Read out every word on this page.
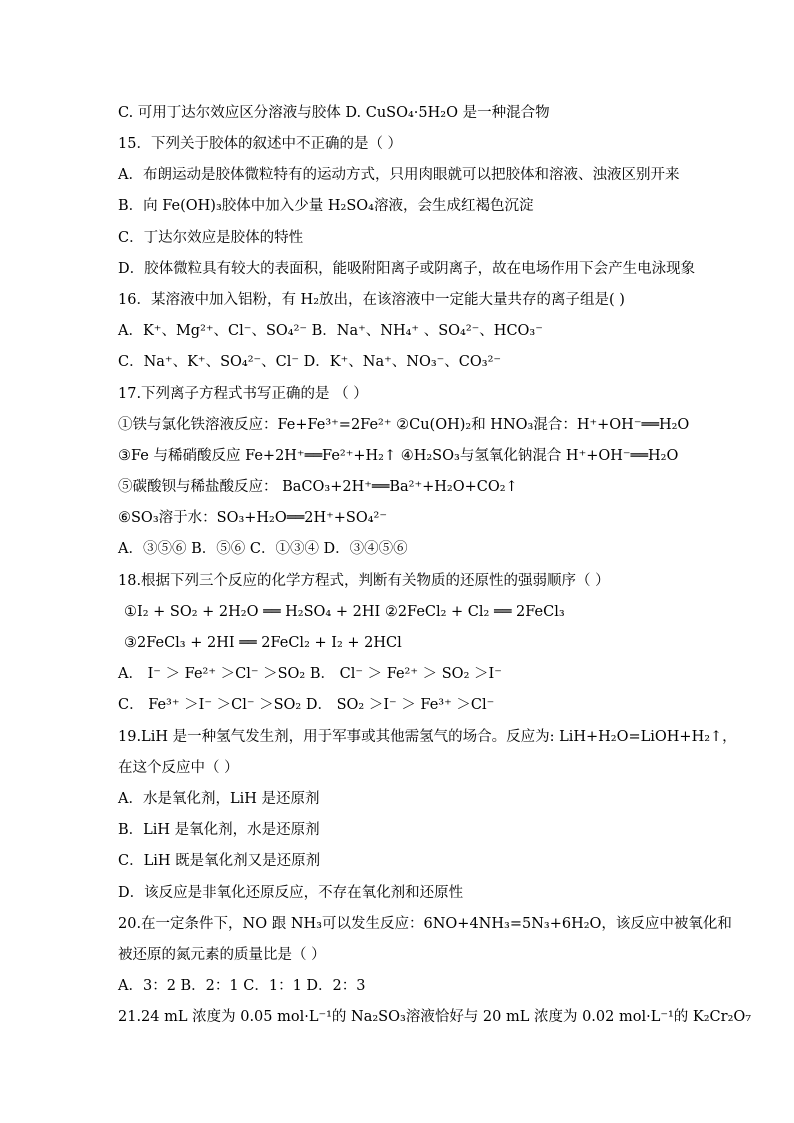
C. 可用丁达尔效应区分溶液与胶体 D. CuSO₄·5H₂O 是一种混合物
15．下列关于胶体的叙述中不正确的是（ ）
A．布朗运动是胶体微粒特有的运动方式，只用肉眼就可以把胶体和溶液、浊液区别开来
B．向 Fe(OH)₃胶体中加入少量 H₂SO₄溶液，会生成红褐色沉淀
C．丁达尔效应是胶体的特性
D．胶体微粒具有较大的表面积，能吸附阳离子或阴离子，故在电场作用下会产生电泳现象
16．某溶液中加入铝粉，有 H₂放出，在该溶液中一定能大量共存的离子组是( )
A．K⁺、Mg²⁺、Cl⁻、SO₄²⁻ B．Na⁺、NH₄⁺ 、SO₄²⁻、HCO₃⁻
C．Na⁺、K⁺、SO₄²⁻、Cl⁻ D．K⁺、Na⁺、NO₃⁻、CO₃²⁻
17.下列离子方程式书写正确的是 （ ）
①铁与氯化铁溶液反应：Fe+Fe³⁺=2Fe²⁺ ②Cu(OH)₂和 HNO₃混合：H⁺+OH⁻══H₂O
③Fe 与稀硝酸反应 Fe+2H⁺══Fe²⁺+H₂↑ ④H₂SO₃与氢氧化钠混合 H⁺+OH⁻══H₂O
⑤碳酸钡与稀盐酸反应： BaCO₃+2H⁺══Ba²⁺+H₂O+CO₂↑
⑥SO₃溶于水：SO₃+H₂O══2H⁺+SO₄²⁻
A．③⑤⑥ B．⑤⑥ C．①③④ D．③④⑤⑥
18.根据下列三个反应的化学方程式，判断有关物质的还原性的强弱顺序（ ）
①I₂ + SO₂ + 2H₂O ══ H₂SO₄ + 2HI ②2FeCl₂ + Cl₂ ══ 2FeCl₃
③2FeCl₃ + 2HI ══ 2FeCl₂ + I₂ + 2HCl
A． I⁻ ＞ Fe²⁺ ＞Cl⁻ ＞SO₂ B． Cl⁻ ＞ Fe²⁺ ＞ SO₂ ＞I⁻
C． Fe³⁺ ＞I⁻ ＞Cl⁻ ＞SO₂ D． SO₂ ＞I⁻ ＞ Fe³⁺ ＞Cl⁻
19.LiH 是一种氢气发生剂，用于军事或其他需氢气的场合。反应为: LiH+H₂O=LiOH+H₂↑，
在这个反应中（ ）
A．水是氧化剂，LiH 是还原剂
B．LiH 是氧化剂，水是还原剂
C．LiH 既是氧化剂又是还原剂
D．该反应是非氧化还原反应，不存在氧化剂和还原性
20.在一定条件下，NO 跟 NH₃可以发生反应：6NO+4NH₃=5N₃+6H₂O，该反应中被氧化和
被还原的氮元素的质量比是（ ）
A．3：2 B．2：1 C．1：1 D．2：3
21.24 mL 浓度为 0.05 mol·L⁻¹的 Na₂SO₃溶液恰好与 20 mL 浓度为 0.02 mol·L⁻¹的 K₂Cr₂O₇
